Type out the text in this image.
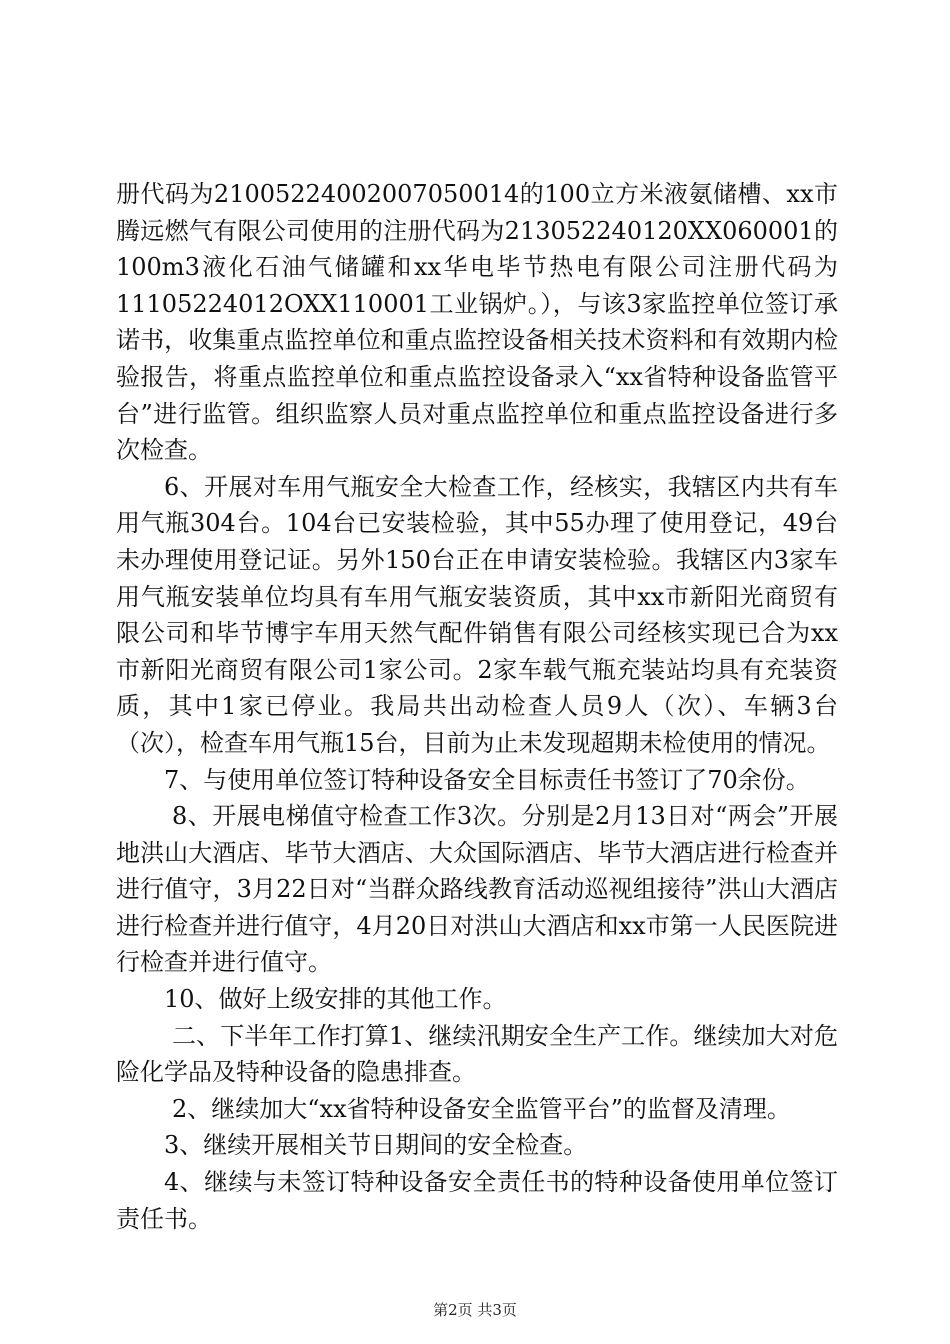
册代码为21005224002007050014的100立方米液氨储槽、xx市腾远燃气有限公司使用的注册代码为213052240120XX060001的100m3液化石油气储罐和xx华电毕节热电有限公司注册代码为11105224012OXX110001工业锅炉。），与该3家监控单位签订承诺书，收集重点监控单位和重点监控设备相关技术资料和有效期内检验报告，将重点监控单位和重点监控设备录入“xx省特种设备监管平台”进行监管。组织监察人员对重点监控单位和重点监控设备进行多次检查。

6、开展对车用气瓶安全大检查工作，经核实，我辖区内共有车用气瓶304台。104台已安装检验，其中55办理了使用登记，49台未办理使用登记证。另外150台正在申请安装检验。我辖区内3家车用气瓶安装单位均具有车用气瓶安装资质，其中xx市新阳光商贸有限公司和毕节博宇车用天然气配件销售有限公司经核实现已合为xx市新阳光商贸有限公司1家公司。2家车载气瓶充装站均具有充装资质，其中1家已停业。我局共出动检查人员9人（次）、车辆3台（次），检查车用气瓶15台，目前为止未发现超期未检使用的情况。

7、与使用单位签订特种设备安全目标责任书签订了70余份。

8、开展电梯值守检查工作3次。分别是2月13日对“两会”开展地洪山大酒店、毕节大酒店、大众国际酒店、毕节大酒店进行检查并进行值守，3月22日对“当群众路线教育活动巡视组接待”洪山大酒店进行检查并进行值守，4月20日对洪山大酒店和xx市第一人民医院进行检查并进行值守。

10、做好上级安排的其他工作。

二、下半年工作打算1、继续汛期安全生产工作。继续加大对危险化学品及特种设备的隐患排查。

2、继续加大“xx省特种设备安全监管平台”的监督及清理。

3、继续开展相关节日期间的安全检查。

4、继续与未签订特种设备安全责任书的特种设备使用单位签订责任书。

第2页 共3页
